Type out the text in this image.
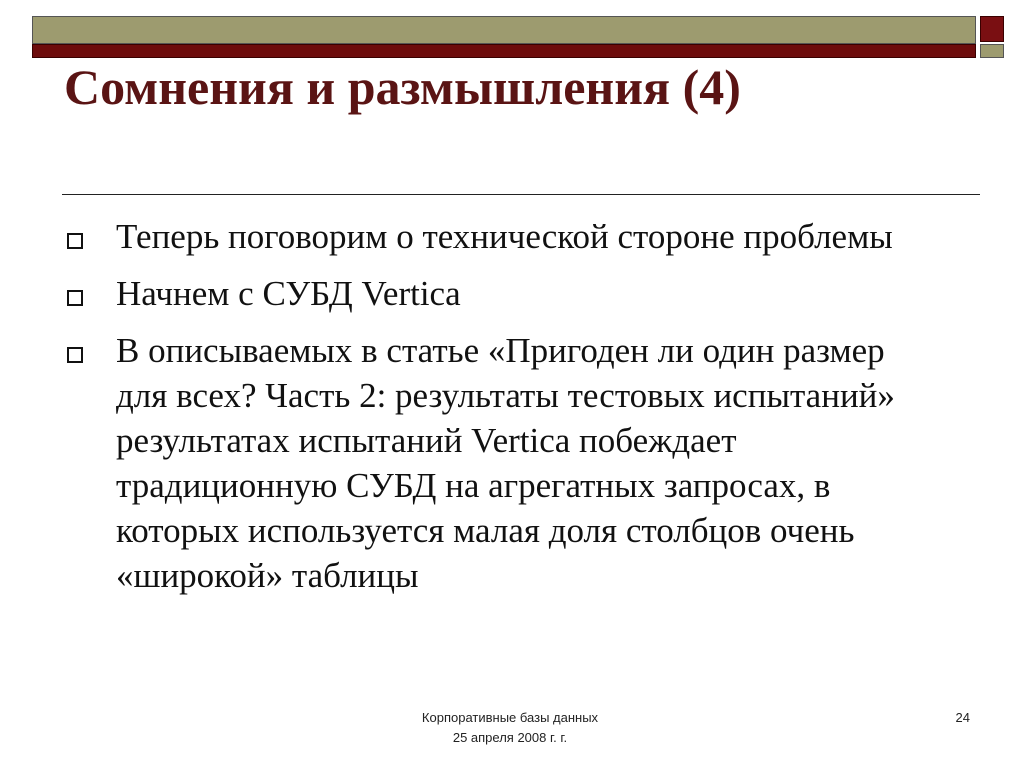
Сомнения и размышления (4)
Теперь поговорим о технической стороне проблемы
Начнем с СУБД Vertica
В описываемых в статье «Пригоден ли один размер для всех? Часть 2: результаты тестовых испытаний» результатах испытаний Vertica побеждает традиционную СУБД на агрегатных запросах, в которых используется малая доля столбцов очень «широкой» таблицы
Корпоративные базы данных
25 апреля 2008 г. г.
24
